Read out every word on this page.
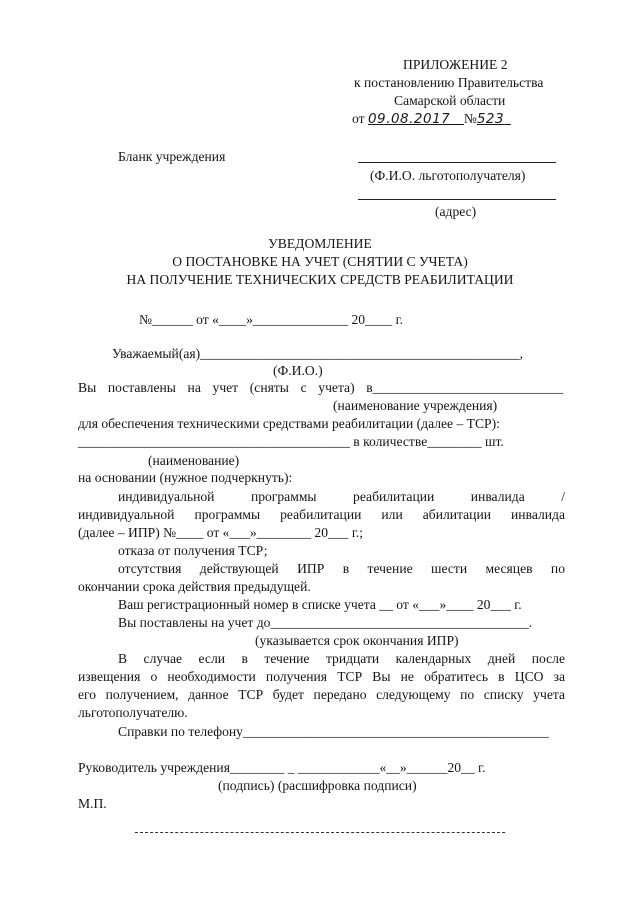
ПРИЛОЖЕНИЕ 2
к постановлению Правительства
Самарской области
от 09.08.2017 №523
Бланк учреждения
(Ф.И.О. льготополучателя)
(адрес)
УВЕДОМЛЕНИЕ
О ПОСТАНОВКЕ НА УЧЕТ (СНЯТИИ С УЧЕТА)
НА ПОЛУЧЕНИЕ ТЕХНИЧЕСКИХ СРЕДСТВ РЕАБИЛИТАЦИИ
№______ от «____»______________ 20____ г.
Уважаемый(ая)_______________________________________________,
(Ф.И.О.)
Вы поставлены на учет (сняты с учета) в____________________________
(наименование учреждения)
для обеспечения техническими средствами реабилитации (далее – ТСР):
________________________________________ в количестве________ шт.
(наименование)
на основании (нужное подчеркнуть):
индивидуальной программы реабилитации инвалида /
индивидуальной программы реабилитации или абилитации инвалида
(далее – ИПР) №____ от «___»________ 20___ г.;
отказа от получения ТСР;
отсутствия действующей ИПР в течение шести месяцев по
окончании срока действия предыдущей.
Ваш регистрационный номер в списке учета __ от «___»____ 20___ г.
Вы поставлены на учет до______________________________________.
(указывается срок окончания ИПР)
В случае если в течение тридцати календарных дней после
извещения о необходимости получения ТСР Вы не обратитесь в ЦСО за
его получением, данное ТСР будет передано следующему по списку учета
льготополучателю.
Справки по телефону_____________________________________________
Руководитель учреждения________ _ ____________«__»______20__ г.
(подпись) (расшифровка подписи)
М.П.
